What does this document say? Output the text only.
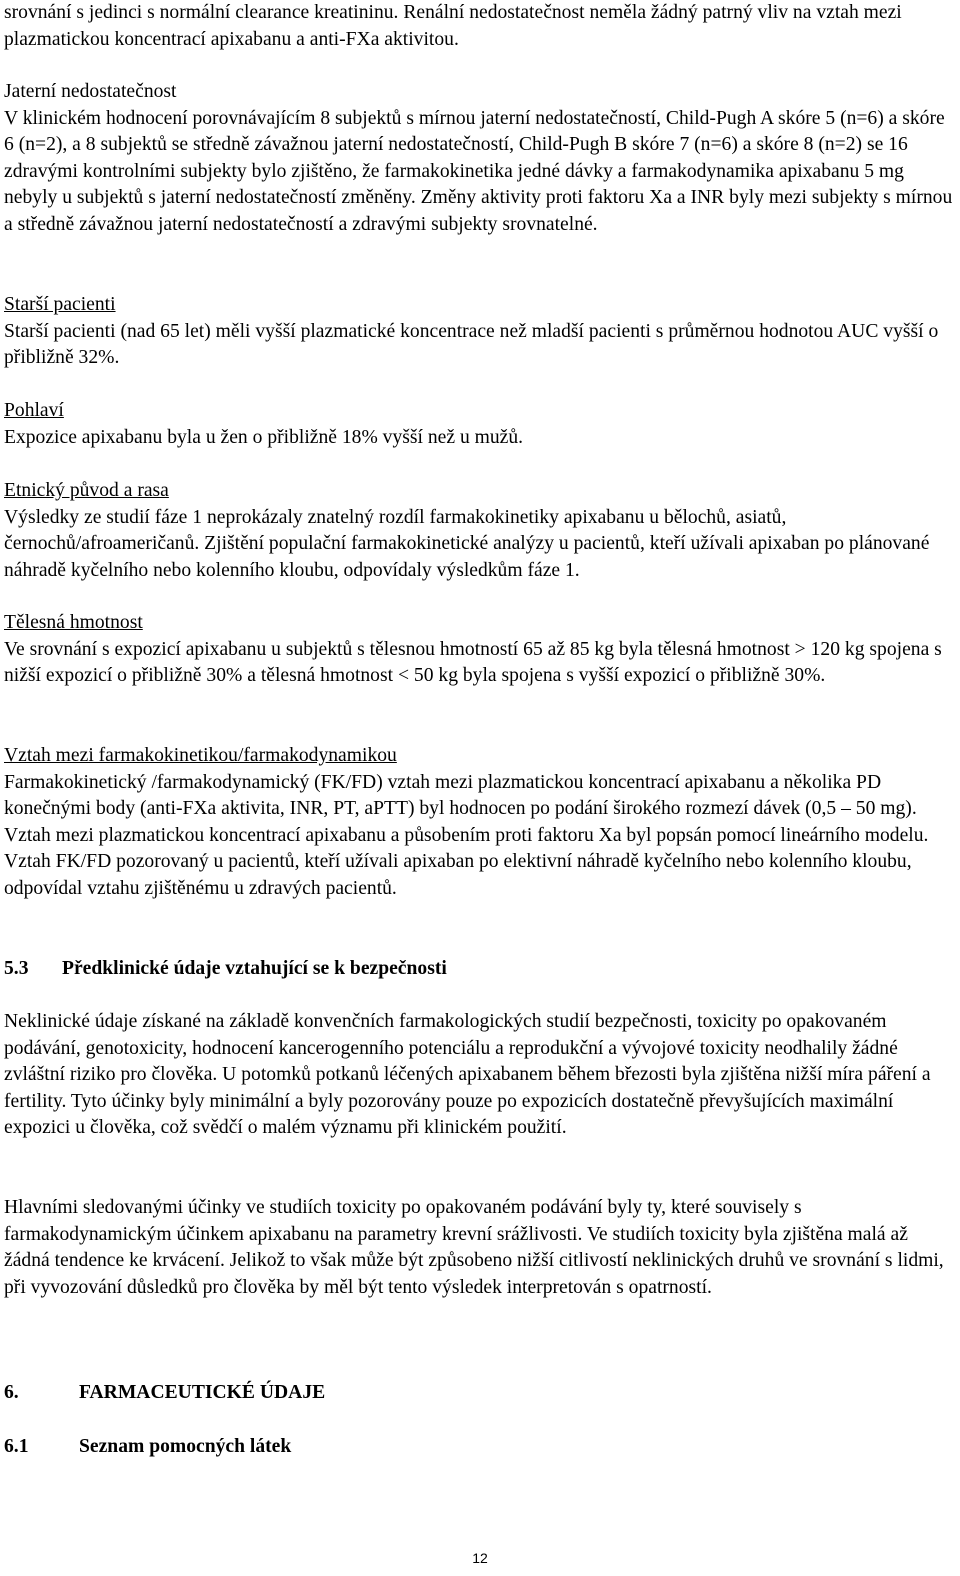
srovnání s jedinci s normální clearance kreatininu. Renální nedostatečnost neměla žádný patrný vliv na vztah mezi plazmatickou koncentrací apixabanu a anti-FXa aktivitou.

Jaterní nedostatečnost

V klinickém hodnocení porovnávajícím 8 subjektů s mírnou jaterní nedostatečností, Child-Pugh A skóre 5 (n=6) a skóre 6 (n=2), a 8 subjektů se středně závažnou jaterní nedostatečností, Child-Pugh B skóre 7 (n=6) a skóre 8 (n=2) se 16 zdravými kontrolními subjekty bylo zjištěno, že farmakokinetika jedné dávky a farmakodynamika apixabanu 5 mg nebyly u subjektů s jaterní nedostatečností změněny. Změny aktivity proti faktoru Xa a INR byly mezi subjekty s mírnou a středně závažnou jaterní nedostatečností a zdravými subjekty srovnatelné.

Starší pacienti

Starší pacienti (nad 65 let) měli vyšší plazmatické koncentrace než mladší pacienti s průměrnou hodnotou AUC vyšší o přibližně 32%.

Pohlaví

Expozice apixabanu byla u žen o přibližně 18% vyšší než u mužů.

Etnický původ a rasa

Výsledky ze studií fáze 1 neprokázaly znatelný rozdíl farmakokinetiky apixabanu u bělochů, asiatů, černochů/afroameričanů. Zjištění populační farmakokinetické analýzy u pacientů, kteří užívali apixaban po plánované náhradě kyčelního nebo kolenního kloubu, odpovídaly výsledkům fáze 1.

Tělesná hmotnost

Ve srovnání s expozicí apixabanu u subjektů s tělesnou hmotností 65 až 85 kg byla tělesná hmotnost > 120 kg spojena s nižší expozicí o přibližně 30% a tělesná hmotnost < 50 kg byla spojena s vyšší expozicí o přibližně 30%.

Vztah mezi farmakokinetikou/farmakodynamikou

Farmakokinetický /farmakodynamický (FK/FD) vztah mezi plazmatickou koncentrací apixabanu a několika PD konečnými body (anti-FXa aktivita, INR, PT, aPTT) byl hodnocen po podání širokého rozmezí dávek (0,5 – 50 mg). Vztah mezi plazmatickou koncentrací apixabanu a působením proti faktoru Xa byl popsán pomocí lineárního modelu. Vztah FK/FD pozorovaný u pacientů, kteří užívali apixaban po elektivní náhradě kyčelního nebo kolenního kloubu, odpovídal vztahu zjištěnému u zdravých pacientů.

5.3	Předklinické údaje vztahující se k bezpečnosti

Neklinické údaje získané na základě konvenčních farmakologických studií bezpečnosti, toxicity po opakovaném podávání, genotoxicity, hodnocení kancerogenního potenciálu a reprodukční a vývojové toxicity neodhalily žádné zvláštní riziko pro člověka. U potomků potkanů léčených apixabanem během březosti byla zjištěna nižší míra páření a fertility. Tyto účinky byly minimální a byly pozorovány pouze po expozicích dostatečně převyšujících maximální expozici u člověka, což svědčí o malém významu při klinickém použití.

Hlavními sledovanými účinky ve studiích toxicity po opakovaném podávání byly ty, které souvisely s farmakodynamickým účinkem apixabanu na parametry krevní srážlivosti. Ve studiích toxicity byla zjištěna malá až žádná tendence ke krvácení. Jelikož to však může být způsobeno nižší citlivostí neklinických druhů ve srovnání s lidmi, při vyvozování důsledků pro člověka by měl být tento výsledek interpretován s opatrností.

6.	FARMACEUTICKÉ ÚDAJE
6.1	Seznam pomocných látek
12
